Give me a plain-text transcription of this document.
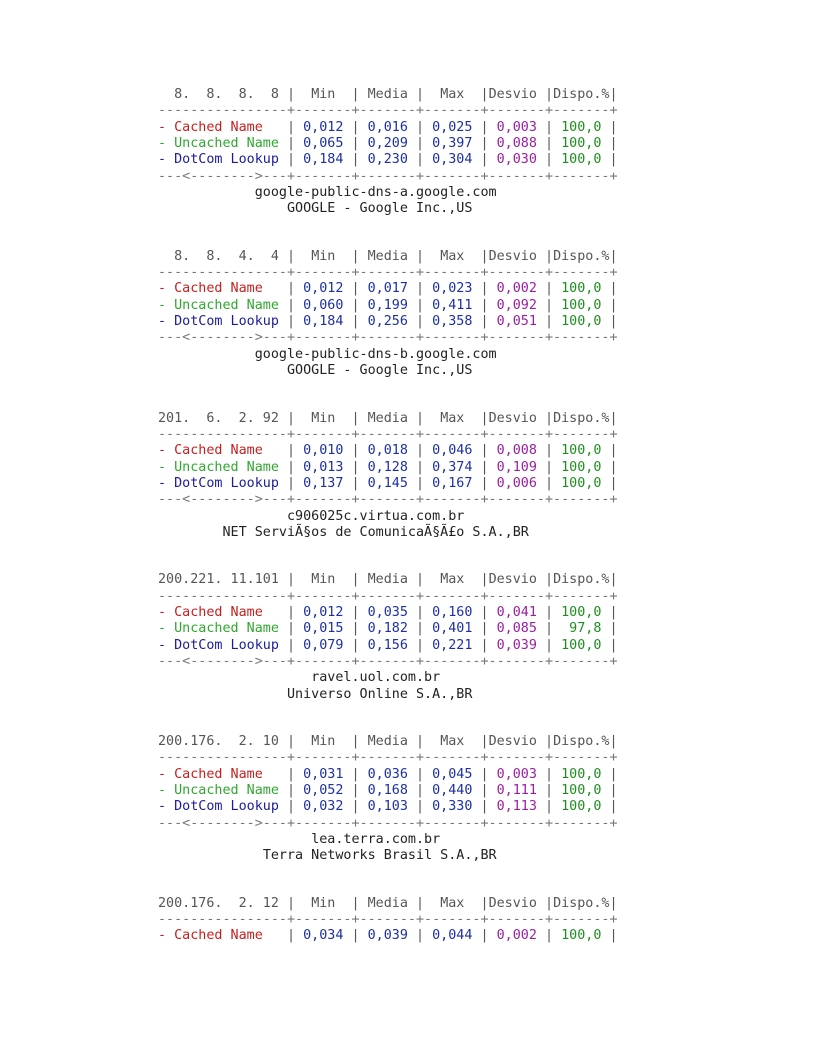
8.  8.  8.  8 |  Min  | Media |  Max  |Desvio |Dispo.%|
----------------+-------+-------+-------+-------+-------+
- Cached Name   | 0,012 | 0,016 | 0,025 | 0,003 | 100,0 |
- Uncached Name | 0,065 | 0,209 | 0,397 | 0,088 | 100,0 |
- DotCom Lookup | 0,184 | 0,230 | 0,304 | 0,030 | 100,0 |
---<-------->---+-------+-------+-------+-------+-------+
google-public-dns-a.google.com
GOOGLE - Google Inc.,US
8.  8.  4.  4 |  Min  | Media |  Max  |Desvio |Dispo.%|
----------------+-------+-------+-------+-------+-------+
- Cached Name   | 0,012 | 0,017 | 0,023 | 0,002 | 100,0 |
- Uncached Name | 0,060 | 0,199 | 0,411 | 0,092 | 100,0 |
- DotCom Lookup | 0,184 | 0,256 | 0,358 | 0,051 | 100,0 |
---<-------->---+-------+-------+-------+-------+-------+
google-public-dns-b.google.com
GOOGLE - Google Inc.,US
201.  6.  2. 92 |  Min  | Media |  Max  |Desvio |Dispo.%|
----------------+-------+-------+-------+-------+-------+
- Cached Name   | 0,010 | 0,018 | 0,046 | 0,008 | 100,0 |
- Uncached Name | 0,013 | 0,128 | 0,374 | 0,109 | 100,0 |
- DotCom Lookup | 0,137 | 0,145 | 0,167 | 0,006 | 100,0 |
---<-------->---+-------+-------+-------+-------+-------+
c906025c.virtua.com.br
NET ServiÃ§os de ComunicaÃ§Ã£o S.A.,BR
200.221. 11.101 |  Min  | Media |  Max  |Desvio |Dispo.%|
----------------+-------+-------+-------+-------+-------+
- Cached Name   | 0,012 | 0,035 | 0,160 | 0,041 | 100,0 |
- Uncached Name | 0,015 | 0,182 | 0,401 | 0,085 |  97,8 |
- DotCom Lookup | 0,079 | 0,156 | 0,221 | 0,039 | 100,0 |
---<-------->---+-------+-------+-------+-------+-------+
ravel.uol.com.br
Universo Online S.A.,BR
200.176.  2. 10 |  Min  | Media |  Max  |Desvio |Dispo.%|
----------------+-------+-------+-------+-------+-------+
- Cached Name   | 0,031 | 0,036 | 0,045 | 0,003 | 100,0 |
- Uncached Name | 0,052 | 0,168 | 0,440 | 0,111 | 100,0 |
- DotCom Lookup | 0,032 | 0,103 | 0,330 | 0,113 | 100,0 |
---<-------->---+-------+-------+-------+-------+-------+
lea.terra.com.br
Terra Networks Brasil S.A.,BR
200.176.  2. 12 |  Min  | Media |  Max  |Desvio |Dispo.%|
----------------+-------+-------+-------+-------+-------+
- Cached Name   | 0,034 | 0,039 | 0,044 | 0,002 | 100,0 |
